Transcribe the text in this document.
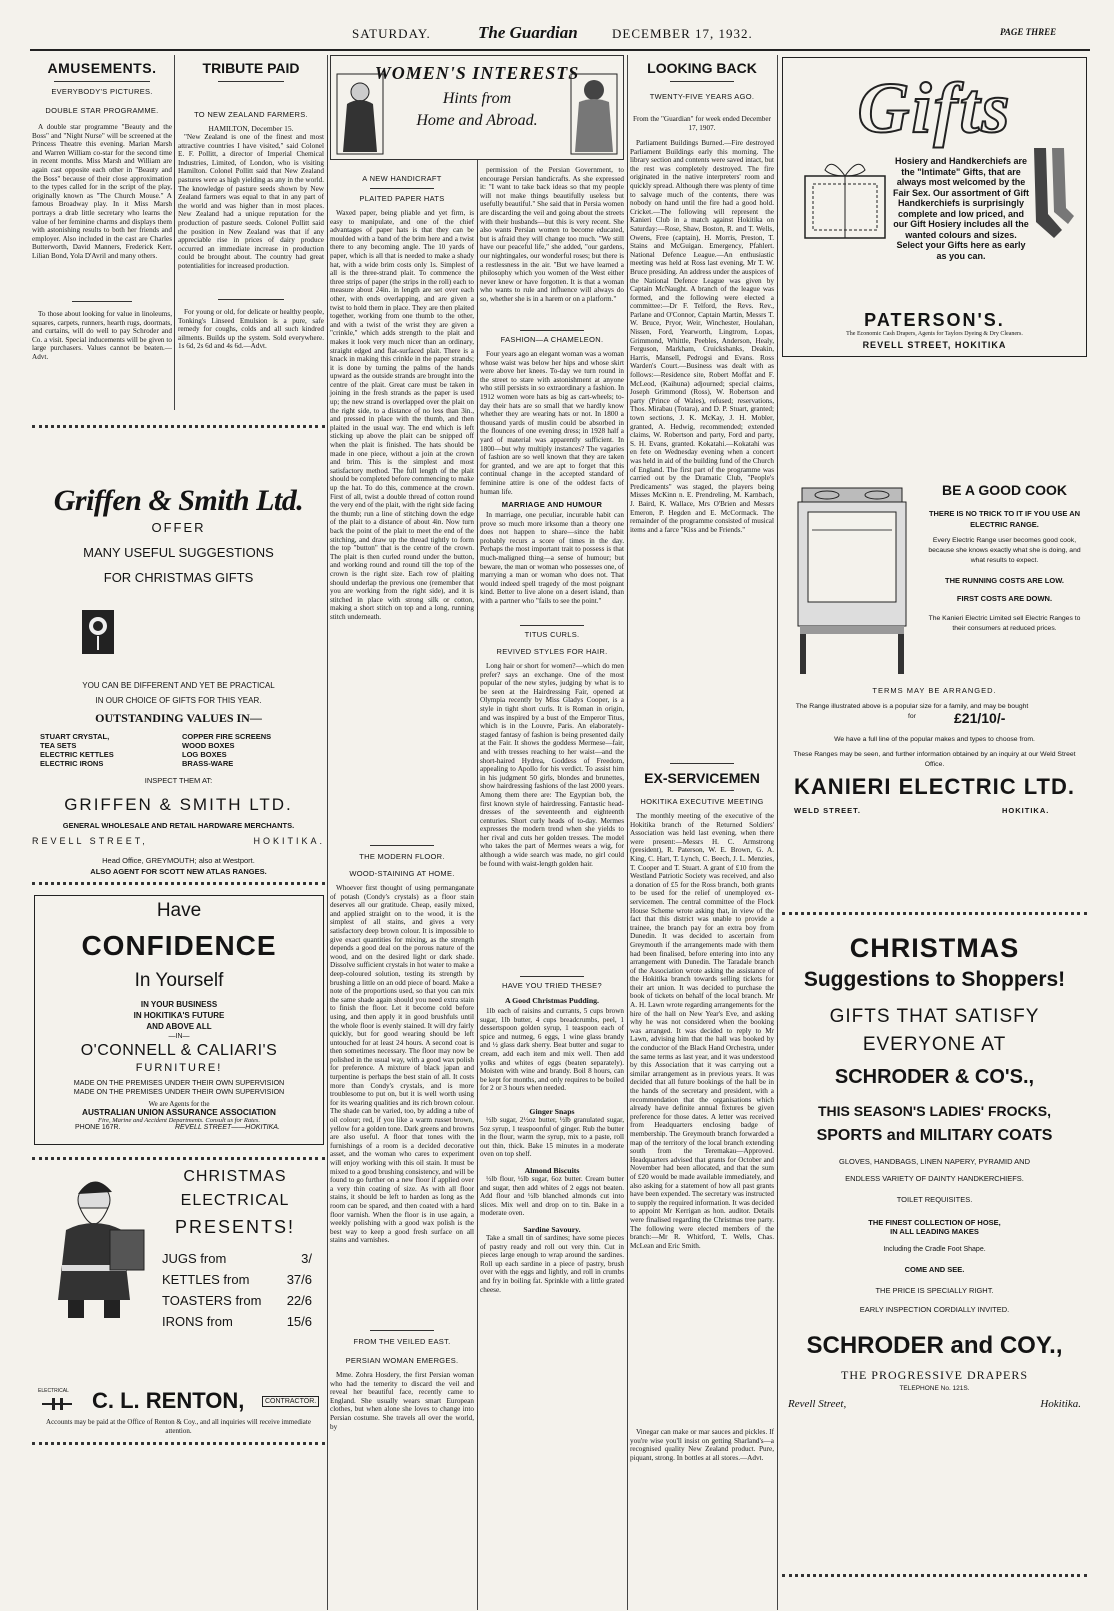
SATURDAY.	The Guardian	DECEMBER 17, 1932.	PAGE THREE
AMUSEMENTS.
EVERYBODY'S PICTURES.
DOUBLE STAR PROGRAMME.

A double star programme "Beauty and the Boss" and "Night Nurse" will be screened at the Princess Theatre this evening. Marian Marsh and Warren William co-star for the second time in recent months. Miss Marsh and William are again cast opposite each other in "Beauty and the Boss" because of their close approximation to the types called for in the script of the play, originally known as "The Church Mouse." A famous Broadway play. In it Miss Marsh portrays a drab little secretary who learns the value of her feminine charms and displays them with astonishing results to both her friends and employer. Also included in the cast are Charles Butterworth, David Manners, Frederick Kerr, Lilian Bond, Yola D'Avril and many others.

To those about looking for value in linoleums, squares, carpets, runners, hearth rugs, doormats, and curtains, will do well to pay Schroder and Co. a visit. Special inducements will be given to large purchasers. Values cannot be beaten.—Advt.

TRIBUTE PAID
TO NEW ZEALAND FARMERS.
HAMILTON, December 15.

"New Zealand is one of the finest and most attractive countries I have visited," said Colonel E. F. Pollitt, a director of Imperial Chemical Industries, Limited, of London, who is visiting Hamilton. Colonel Pollitt said that New Zealand pastures were as high yielding as any in the world. The knowledge of pasture seeds shown by New Zealand farmers was equal to that in any part of the world and was higher than in most places. New Zealand had a unique reputation for the production of pasture seeds. Colonel Pollitt said the position in New Zealand was that if any appreciable rise in prices of dairy produce occurred an immediate increase in production could be brought about. The country had great potentialities for increased production.

For young or old, for delicate or healthy people, Tonking's Linseed Emulsion is a pure, safe remedy for coughs, colds and all such kindred ailments. Builds up the system. Sold everywhere. 1s 6d, 2s 6d and 4s 6d.—Advt.

Griffen & Smith Ltd.
OFFER
MANY USEFUL SUGGESTIONS
FOR CHRISTMAS GIFTS
YOU CAN BE DIFFERENT AND YET BE PRACTICAL
IN OUR CHOICE OF GIFTS FOR THIS YEAR.
OUTSTANDING VALUES IN—
STUART CRYSTAL,
TEA SETS
ELECTRIC KETTLES
ELECTRIC IRONS
COPPER FIRE SCREENS
WOOD BOXES
LOG BOXES
BRASS-WARE
INSPECT THEM AT:
GRIFFEN & SMITH LTD.
GENERAL WHOLESALE AND RETAIL HARDWARE MERCHANTS.
REVELL STREET,	HOKITIKA.
Head Office, GREYMOUTH; also at Westport.
ALSO AGENT FOR SCOTT NEW ATLAS RANGES.
Have
CONFIDENCE
In Yourself
IN YOUR BUSINESS
IN HOKITIKA'S FUTURE
AND ABOVE ALL
—IN—
O'CONNELL & CALIARI'S
FURNITURE!
MADE ON THE PREMISES UNDER THEIR OWN SUPERVISION
MADE ON THE PREMISES UNDER THEIR OWN SUPERVISION
We are Agents for the
AUSTRALIAN UNION ASSURANCE ASSOCIATION
Fire, Marine and Accident Departments. Consult us for Rates.
PHONE 167R.	REVELL STREET——HOKITIKA.
CHRISTMAS
ELECTRICAL
PRESENTS!
JUGS from	3/
KETTLES from	37/6
TOASTERS from 22/6
IRONS from	15/6
ELECTRICAL C. L. RENTON,	CONTRACTOR.
Accounts may be paid at the Office of Renton & Coy., and all inquiries will receive immediate attention.
WOMEN'S INTERESTS
Hints from
Home and Abroad.
A NEW HANDICRAFT
PLAITED PAPER HATS

Waxed paper, being pliable and yet firm, is easy to manipulate, and one of the chief advantages of paper hats is that they can be moulded with a band of the brim here and a twist there to any becoming angle. The 10 yards of paper, which is all that is needed to make a shady hat, with a wide brim costs only 1s. Simplest of all is the three-strand plait. To commence the three strips of paper (the strips in the roll) each to measure about 24in. in length are set over each other, with ends overlapping, and are given a twist to hold them in place. They are then plaited together, working from one thumb to the other, and with a twist of the wrist they are given a "crinkle," which adds strength to the plait and makes it look very much nicer than an ordinary, straight edged and flat-surfaced plait. There is a knack in making this crinkle in the paper strands; it is done by turning the palms of the hands upward as the outside strands are brought into the centre of the plait. Great care must be taken in joining in the fresh strands as the paper is used up; the new strand is overlapped over the plait on the right side, to a distance of no less than 3in., and pressed in place with the thumb, and then plaited in the usual way. The end which is left sticking up above the plait can be snipped off when the plait is finished. The hats should be made in one piece, without a join at the crown and brim. This is the simplest and most satisfactory method. The full length of the plait should be completed before commencing to make up the hat. To do this, commence at the crown. First of all, twist a double thread of cotton round the very end of the plait, with the right side facing the thumb; run a line of stitching down the edge of the plait to a distance of about 4in. Now turn back the point of the plait to meet the end of the stitching, and draw up the thread tightly to form the top "button" that is the centre of the crown. The plait is then curled round under the button, and working round and round till the top of the crown is the right size. Each row of plaiting should underlap the previous one (remember that you are working from the right side), and it is stitched in place with strong silk or cotton, making a short stitch on top and a long, running stitch underneath.

THE MODERN FLOOR.
WOOD-STAINING AT HOME.

Whoever first thought of using permanganate of potash (Condy's crystals) as a floor stain deserves all our gratitude. Cheap, easily mixed, and applied straight on to the wood, it is the simplest of all stains, and gives a very satisfactory deep brown colour. It is impossible to give exact quantities for mixing, as the strength depends a good deal on the porous nature of the wood, and on the desired light or dark shade. Dissolve sufficient crystals in hot water to make a deep-coloured solution, testing its strength by brushing a little on an odd piece of board. Make a note of the proportions used, so that you can mix the same shade again should you need extra stain to finish the floor. Let it become cold before using, and then apply it in good brushfuls until the whole floor is evenly stained. It will dry fairly quickly, but for good wearing should be left untouched for at least 24 hours. A second coat is then sometimes necessary. The floor may now be polished in the usual way, with a good wax polish for preference. A mixture of black japan and turpentine is perhaps the best stain of all. It costs more than Condy's crystals, and is more troublesome to put on, but it is well worth using for its wearing qualities and its rich brown colour. The shade can be varied, too, by adding a tube of oil colour; red, if you like a warm russet brown, yellow for a golden tone. Dark greens and browns are also useful. A floor that tones with the furnishings of a room is a decided decorative asset, and the woman who cares to experiment will enjoy working with this oil stain. It must be mixed to a good brushing consistency, and will be found to go further on a new floor if applied over a very thin coating of size. As with all floor stains, it should be left to harden as long as the room can be spared, and then coated with a hard floor varnish. When the floor is in use again, a weekly polishing with a good wax polish is the best way to keep a good fresh surface on all stains and varnishes.

FROM THE VEILED EAST.
PERSIAN WOMAN EMERGES.

Mme. Zohra Hosdery, the first Persian woman who had the temerity to discard the veil and reveal her beautiful face, recently came to England. She usually wears smart European clothes, but when alone she loves to change into Persian costume. She travels all over the world, by

permission of the Persian Government, to encourage Persian handicrafts. As she expressed it: "I want to take back ideas so that my people will not make things beautifully useless but usefully beautiful." She said that in Persia women are discarding the veil and going about the streets with their husbands—but this is very recent. She also wants Persian women to become educated, but is afraid they will change too much. "We still have our peaceful life," she added, "our gardens, our nightingales, our wonderful roses; but there is a restlessness in the air. "But we have learned a philosophy which you women of the West either never knew or have forgotten. It is that a woman who wants to rule and influence will always do so, whether she is in a harem or on a platform."

FASHION—A CHAMELEON.

Four years ago an elegant woman was a woman whose waist was below her hips and whose skirt were above her knees. To-day we turn round in the street to stare with astonishment at anyone who still persists in so extraordinary a fashion. In 1912 women wore hats as big as cart-wheels; to-day their hats are so small that we hardly know whether they are wearing hats or not. In 1800 a thousand yards of muslin could be absorbed in the flounces of one evening dress; in 1928 half a yard of material was apparently sufficient. In 1800—but why multiply instances? The vagaries of fashion are so well known that they are taken for granted, and we are apt to forget that this continual change in the accepted standard of feminine attire is one of the oddest facts of human life.

MARRIAGE AND HUMOUR

In marriage, one peculiar, incurable habit can prove so much more irksome than a theory one does not happen to share—since the habit probably recurs a score of times in the day. Perhaps the most important trait to possess is that much-maligned thing—a sense of humour; but beware, the man or woman who possesses one, of marrying a man or woman who does not. That would indeed spell tragedy of the most poignant kind. Better to live alone on a desert island, than with a partner who "fails to see the point."

TITUS CURLS.
REVIVED STYLES FOR HAIR.

Long hair or short for women?—which do men prefer? says an exchange. One of the most popular of the new styles, judging by what is to be seen at the Hairdressing Fair, opened at Olympia recently by Miss Gladys Cooper, is a style in tight short curls. It is Roman in origin, and was inspired by a bust of the Emperor Titus, which is in the Louvre, Paris. An elaborately-staged fantasy of fashion is being presented daily at the Fair. It shows the goddess Mermese—fair, and with tresses reaching to her waist—and the short-haired Hydrea, Goddess of Freedom, appealing to Apollo for his verdict. To assist him in his judgment 50 girls, blondes and brunettes, show hairdressing fashions of the last 2000 years. Among them there are: The Egyptian bob, the first known style of hairdressing. Fantastic head-dresses of the seventeenth and eighteenth centuries. Short curly heads of to-day. Mermes expresses the modern trend when she yields to her rival and cuts her golden tresses. The model who takes the part of Mermes wears a wig, for although a wide search was made, no girl could be found with waist-length golden hair.

HAVE YOU TRIED THESE?
A Good Christmas Pudding.

1lb each of raisins and currants, 5 cups brown sugar, 1lb butter, 4 cups breadcrumbs, peel, 1 dessertspoon golden syrup, 1 teaspoon each of spice and nutmeg, 6 eggs, 1 wine glass brandy and ½ glass dark sherry. Beat butter and sugar to cream, add each item and mix well. Then add yolks and whites of eggs (beaten separately). Moisten with wine and brandy. Boil 8 hours, can be kept for months, and only requires to be boiled for 2 or 3 hours when needed.

Ginger Snaps

½lb sugar, 2½oz butter, ½lb granulated sugar, 5oz syrup, 1 teaspoonful of ginger. Rub the butter in the flour, warm the syrup, mix to a paste, roll out thin, thick. Bake 15 minutes in a moderate oven on top shelf.

Almond Biscuits

½lb flour, ½lb sugar, 6oz butter. Cream butter and sugar, then add whites of 2 eggs not beaten. Add flour and ½lb blanched almonds cut into slices. Mix well and drop on to tin. Bake in a moderate oven.

Sardine Savoury.

Take a small tin of sardines; have some pieces of pastry ready and roll out very thin. Cut in pieces large enough to wrap around the sardines. Roll up each sardine in a piece of pastry, brush over with the eggs and lightly, and roll in crumbs and fry in boiling fat. Sprinkle with a little grated cheese.

LOOKING BACK
TWENTY-FIVE YEARS AGO.
From the "Guardian" for week ended December 17, 1907.

Parliament Buildings Burned.—Fire destroyed Parliament Buildings early this morning. The library section and contents were saved intact, but the rest was completely destroyed. The fire originated in the native interpreters' room and quickly spread. Although there was plenty of time to salvage much of the contents, there was nobody on hand until the fire had a good hold. Cricket.—The following will represent the Kanieri Club in a match against Hokitika on Saturday:—Rose, Shaw, Boston, R. and T. Wells, Owens, Free (captain), H. Morris, Preston, T. Stains and McGuigan. Emergency, Pfahlert. National Defence League.—An enthusiastic meeting was held at Ross last evening, Mr T. W. Bruce presiding. An address under the auspices of the National Defence League was given by Captain McNaught. A branch of the league was formed, and the following were elected a committee:—Dr F. Telford, the Revs. Rev., Parlane and O'Connor, Captain Martin, Messrs T. W. Bruce, Pryor, Weir, Winchester, Houlahan, Nissen, Ford, Yearworth, Lingtrom, Lopas, Grimmond, Whittle, Peebles, Anderson, Healy, Ferguson, Markham, Cruickshanks, Deakin, Harris, Mansell, Pedrogsi and Evans. Ross Warden's Court.—Business was dealt with as follows:—Residence site, Robert Moffat and F. McLeod, (Kaihuna) adjourned; special claims, Joseph Grimmond (Ross), W. Robertson and party (Prince of Wales), refused; reservations, Thos. Mirabau (Totara), and D. P. Stuart, granted; town sections, J. K. McKay, J. H. Mobler, granted, A. Hedwig, recommended; extended claims, W. Robertson and party, Ford and party, S. H. Evans, granted. Kokatahi.—Kokatahi was en fete on Wednesday evening when a concert was held in aid of the building fund of the Church of England. The first part of the programme was carried out by the Dramatic Club, "People's Predicaments" was staged, the players being Misses McKinn n. E. Prendreling, M. Karnbach, J. Baird, K. Wallace, Mrs O'Brien and Messrs Emeron, P. Hegden and E. McCormack. The remainder of the programme consisted of musical items and a farce "Kiss and be Friends."

EX-SERVICEMEN
HOKITIKA EXECUTIVE MEETING

The monthly meeting of the executive of the Hokitika branch of the Returned Soldiers' Association was held last evening, when there were present:—Messrs H. C. Armstrong (president), R. Paterson, W. E. Brown, G. A. King, C. Hart, T. Lynch, C. Beech, J. L. Menzies, T. Cooper and T. Stuart. A grant of £10 from the Westland Patriotic Society was received, and also a donation of £5 for the Ross branch, both grants to be used for the relief of unemployed ex-servicemen. The central committee of the Flock House Scheme wrote asking that, in view of the fact that this district was unable to provide a trainee, the branch pay for an extra boy from Dunedin. It was decided to ascertain from Greymouth if the arrangements made with them had been finalised, before entering into into any arrangement with Dunedin. The Taradale branch of the Association wrote asking the assistance of the Hokitika branch towards selling tickets for their art union. It was decided to purchase the book of tickets on behalf of the local branch. Mr A. H. Lawn wrote regarding arrangements for the hire of the hall on New Year's Eve, and asking why he was not considered when the booking was arranged. It was decided to reply to Mr Lawn, advising him that the hall was booked by the conductor of the Black Hand Orchestra, under the same terms as last year, and it was understood by this Association that it was carrying out a similar arrangement as in previous years. It was decided that all future bookings of the hall be in the hands of the secretary and president, with a recommendation that the organisations which already have definite annual fixtures be given preference for those dates. A letter was received from Headquarters enclosing badge of membership. The Greymouth branch forwarded a map of the territory of the local branch extending south from the Teremakau—Approved. Headquarters advised that grants for October and November had been allocated, and that the sum of £20 would be made available immediately, and also asking for a statement of how all past grants have been expended. The secretary was instructed to supply the required information. It was decided to appoint Mr Kerrigan as hon. auditor. Details were finalised regarding the Christmas tree party. The following were elected members of the branch:—Mr R. Whitford, T. Wells, Chas. McLean and Eric Smith.

Vinegar can make or mar sauces and pickles. If you're wise you'll insist on getting Sharland's—a recognised quality New Zealand product. Pure, piquant, strong. In bottles at all stores.—Advt.

Gifts
Hosiery and Handkerchiefs are the "Intimate" Gifts, that are always most welcomed by the Fair Sex. Our assortment of Gift Handkerchiefs is surprisingly complete and low priced, and our Gift Hosiery includes all the wanted colours and sizes. Select your Gifts here as early as you can.
PATERSON'S.
The Economic Cash Drapers, Agents for Taylors Dyeing & Dry Cleaners.
REVELL STREET, HOKITIKA
BE A GOOD COOK
THERE IS NO TRICK TO IT IF YOU USE AN ELECTRIC RANGE.
Every Electric Range user becomes good cook, because she knows exactly what she is doing, and what results to expect.
THE RUNNING COSTS ARE LOW.
FIRST COSTS ARE DOWN.
The Kanieri Electric Limited sell Electric Ranges to their consumers at reduced prices.
TERMS MAY BE ARRANGED.
The Range illustrated above is a popular size for a family, and may be bought for	£21/10/-
We have a full line of the popular makes and types to choose from.
These Ranges may be seen, and further information obtained by an inquiry at our Weld Street Office.
KANIERI ELECTRIC LTD.
WELD STREET.	HOKITIKA.
CHRISTMAS
Suggestions to Shoppers!
GIFTS THAT SATISFY
EVERYONE AT
SCHRODER & CO'S.,
THIS SEASON'S LADIES' FROCKS,
SPORTS and MILITARY COATS
GLOVES, HANDBAGS, LINEN NAPERY, PYRAMID AND
ENDLESS VARIETY OF DAINTY HANDKERCHIEFS.
TOILET REQUISITES.
THE FINEST COLLECTION OF HOSE,
IN ALL LEADING MAKES
Including the Cradle Foot Shape.
COME AND SEE.
THE PRICE IS SPECIALLY RIGHT.
EARLY INSPECTION CORDIALLY INVITED.
SCHRODER and COY.,
THE PROGRESSIVE DRAPERS
TELEPHONE No. 121S.
Revell Street,	Hokitika.
